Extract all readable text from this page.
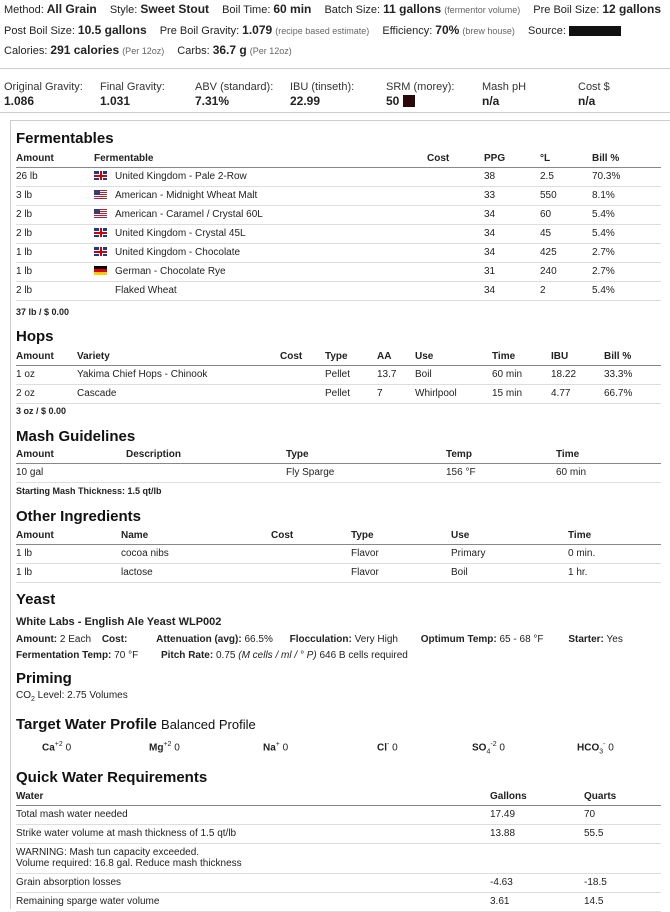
Method: All Grain Style: Sweet Stout Boil Time: 60 min Batch Size: 11 gallons (fermentor volume) Pre Boil Size: 12 gallons
Post Boil Size: 10.5 gallons Pre Boil Gravity: 1.079 (recipe based estimate) Efficiency: 70% (brew house) Source:
Calories: 291 calories (Per 12oz) Carbs: 36.7 g (Per 12oz)
Original Gravity:
1.086
Final Gravity:
1.031
ABV (standard):
7.31%
IBU (tinseth):
22.99
SRM (morey):
50
Mash pH
n/a
Cost $
n/a
Fermentables
Amount	Fermentable	Cost	PPG	°L	Bill %
26 lb	United Kingdom - Pale 2-Row		38	2.5	70.3%
3 lb	American - Midnight Wheat Malt		33	550	8.1%
2 lb	American - Caramel / Crystal 60L		34	60	5.4%
2 lb	United Kingdom - Crystal 45L		34	45	5.4%
1 lb	United Kingdom - Chocolate		34	425	2.7%
1 lb	German - Chocolate Rye		31	240	2.7%
2 lb	Flaked Wheat		34	2	5.4%
37 lb / $ 0.00
Hops
Amount	Variety	Cost	Type	AA	Use	Time	IBU	Bill %
1 oz	Yakima Chief Hops - Chinook		Pellet	13.7	Boil	60 min	18.22	33.3%
2 oz	Cascade		Pellet	7	Whirlpool	15 min	4.77	66.7%
3 oz / $ 0.00
Mash Guidelines
Amount	Description	Type	Temp	Time
10 gal		Fly Sparge	156 °F	60 min
Starting Mash Thickness: 1.5 qt/lb
Other Ingredients
Amount	Name	Cost	Type	Use	Time
1 lb	cocoa nibs		Flavor	Primary	0 min.
1 lb	lactose		Flavor	Boil	1 hr.
Yeast
White Labs - English Ale Yeast WLP002
Amount: 2 Each Cost:	Attenuation (avg): 66.5% Flocculation: Very High Optimum Temp: 65 - 68 °F Starter: Yes
Fermentation Temp: 70 °F Pitch Rate: 0.75 (M cells / ml / ° P) 646 B cells required
Priming
$CO_2$ Level: 2.75 Volumes
Target Water Profile Balanced Profile
$Ca^{+2}$ 0	$Mg^{+2}$ 0	Na+ 0	Cl- 0	$SO_4^{-2}$ 0	$HCO_3^-$ 0
Quick Water Requirements
Water	Gallons	Quarts

Total mash water needed	17.49	70

Strike water volume at mash thickness of 1.5 qt/lb	13.88	55.5

WARNING: Mash tun capacity exceeded.
Volume required: 16.8 gal. Reduce mash thickness		

Grain absorption losses	-4.63	-18.5

Remaining sparge water volume	3.61	14.5
